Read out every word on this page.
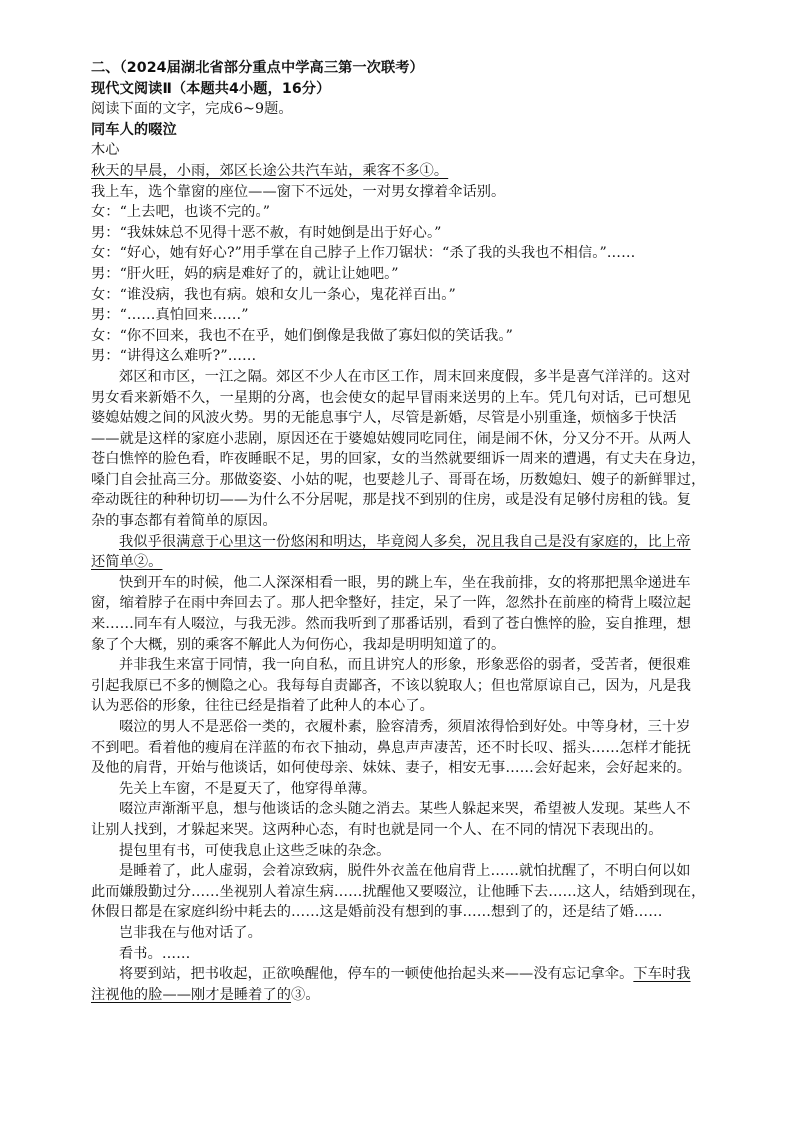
二、（2024届湖北省部分重点中学高三第一次联考）
现代文阅读Ⅱ（本题共4小题，16分）
阅读下面的文字，完成6~9题。
同车人的啜泣
木心
秋天的早晨，小雨，郊区长途公共汽车站，乘客不多①。
我上车，选个靠窗的座位——窗下不远处，一对男女撑着伞话别。
女：“上去吧，也谈不完的。”
男：“我妹妹总不见得十恶不赦，有时她倒是出于好心。”
女：“好心，她有好心?”用手掌在自己脖子上作刀锯状：“杀了我的头我也不相信。”……
男：“肝火旺，妈的病是难好了的，就让让她吧。”
女：“谁没病，我也有病。娘和女儿一条心，鬼花祥百出。”
男：“……真怕回来……”
女：“你不回来，我也不在乎，她们倒像是我做了寡妇似的笑话我。”
男：“讲得这么难听?”……
郊区和市区，一江之隔。郊区不少人在市区工作，周末回来度假，多半是喜气洋洋的。这对
男女看来新婚不久，一星期的分离，也会使女的起早冒雨来送男的上车。凭几句对话，已可想见
婆媳姑嫂之间的风波火势。男的无能息事宁人，尽管是新婚，尽管是小别重逢，烦恼多于快活
——就是这样的家庭小悲剧，原因还在于婆媳姑嫂同吃同住，闹是闹不休，分又分不开。从两人
苍白憔悴的脸色看，昨夜睡眠不足，男的回家，女的当然就要细诉一周来的遭遇，有丈夫在身边，
嗓门自会扯高三分。那做姿姿、小姑的呢，也要趁儿子、哥哥在场，历数媳妇、嫂子的新鲜罪过，
牵动既往的种种切切——为什么不分居呢，那是找不到别的住房，或是没有足够付房租的钱。复
杂的事态都有着简单的原因。
我似乎很满意于心里这一份悠闲和明达，毕竟阅人多矣，况且我自己是没有家庭的，比上帝
还简单②。
快到开车的时候，他二人深深相看一眼，男的跳上车，坐在我前排，女的将那把黑伞递进车
窗，缩着脖子在雨中奔回去了。那人把伞整好，挂定，呆了一阵，忽然扑在前座的椅背上啜泣起
来……同车有人啜泣，与我无涉。然而我听到了那番话别，看到了苍白憔悴的脸，妄自推理，想
象了个大概，别的乘客不解此人为何伤心，我却是明明知道了的。
并非我生来富于同情，我一向自私，而且讲究人的形象，形象恶俗的弱者，受苦者，便很难
引起我原已不多的恻隐之心。我每每自责鄙吝，不该以貌取人；但也常原谅自己，因为，凡是我
认为恶俗的形象，往往已经是指着了此种人的本心了。
啜泣的男人不是恶俗一类的，衣履朴素，脸容清秀，须眉浓得恰到好处。中等身材，三十岁
不到吧。看着他的瘦肩在洋蓝的布衣下抽动，鼻息声声凄苦，还不时长叹、摇头……怎样才能抚
及他的肩背，开始与他谈话，如何使母亲、妹妹、妻子，相安无事……会好起来，会好起来的。
先关上车窗，不是夏天了，他穿得单薄。
啜泣声渐渐平息，想与他谈话的念头随之消去。某些人躲起来哭，希望被人发现。某些人不
让别人找到，才躲起来哭。这两种心态，有时也就是同一个人、在不同的情况下表现出的。
提包里有书，可使我息止这些乏味的杂念。
是睡着了，此人虚弱，会着凉致病，脱件外衣盖在他肩背上……就怕扰醒了，不明白何以如
此而嫌殷勤过分……坐视别人着凉生病……扰醒他又要啜泣，让他睡下去……这人，结婚到现在，
休假日都是在家庭纠纷中耗去的……这是婚前没有想到的事……想到了的，还是结了婚……
岂非我在与他对话了。
看书。……
将要到站，把书收起，正欲唤醒他，停车的一顿使他抬起头来——没有忘记拿伞。下车时我
注视他的脸——刚才是睡着了的③。
